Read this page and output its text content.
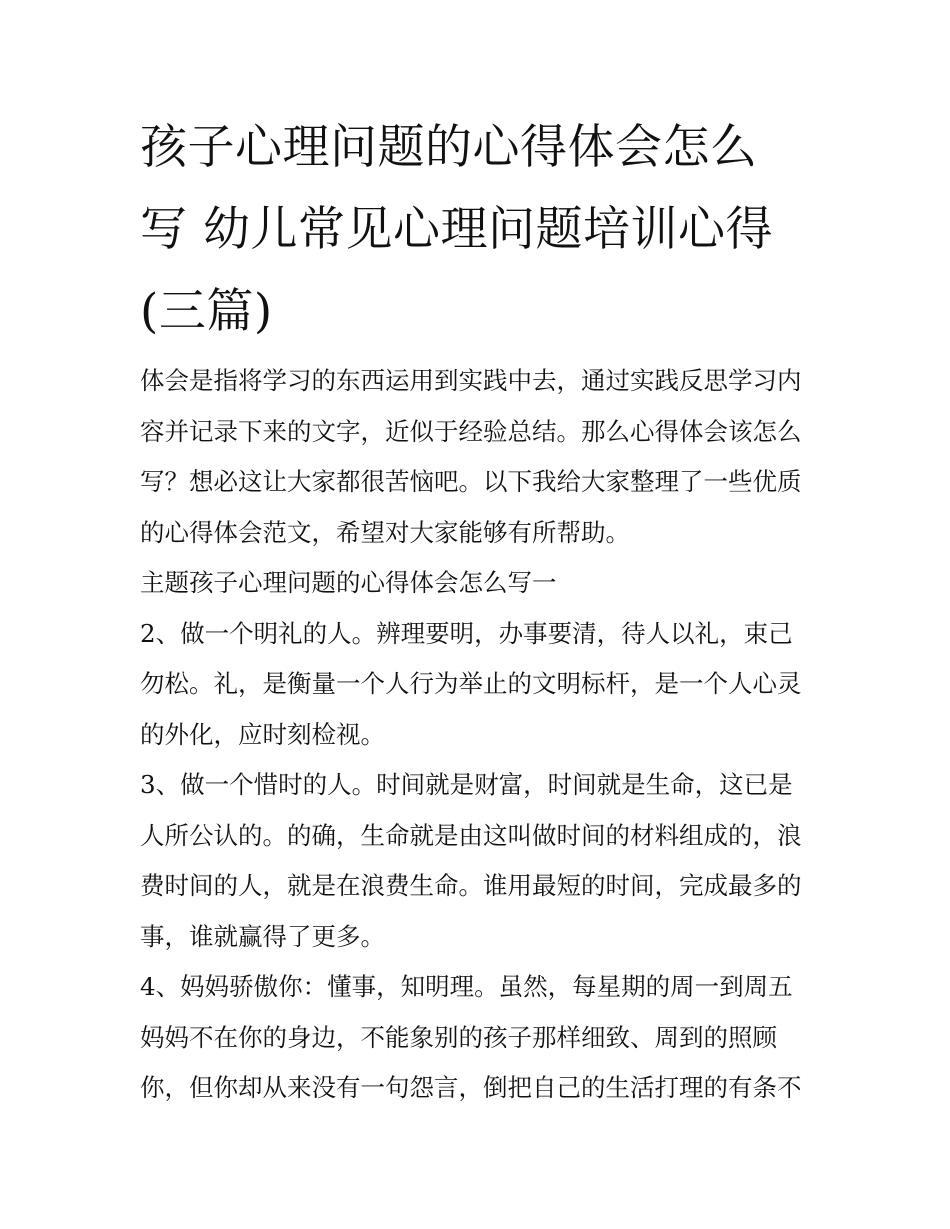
孩子心理问题的心得体会怎么
写 幼儿常见心理问题培训心得
(三篇)

体会是指将学习的东西运用到实践中去，通过实践反思学习内
容并记录下来的文字，近似于经验总结。那么心得体会该怎么
写？想必这让大家都很苦恼吧。以下我给大家整理了一些优质
的心得体会范文，希望对大家能够有所帮助。

主题孩子心理问题的心得体会怎么写一

2、做一个明礼的人。辨理要明，办事要清，待人以礼，束己
勿松。礼，是衡量一个人行为举止的文明标杆，是一个人心灵
的外化，应时刻检视。

3、做一个惜时的人。时间就是财富，时间就是生命，这已是
人所公认的。的确，生命就是由这叫做时间的材料组成的，浪
费时间的人，就是在浪费生命。谁用最短的时间，完成最多的
事，谁就赢得了更多。

4、妈妈骄傲你：懂事，知明理。虽然，每星期的周一到周五
妈妈不在你的身边，不能象别的孩子那样细致、周到的照顾
你，但你却从来没有一句怨言，倒把自己的生活打理的有条不
